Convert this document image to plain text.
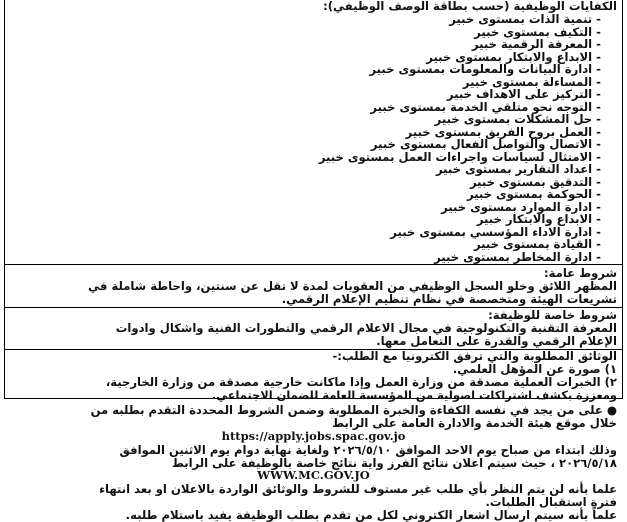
الكفايات الوظيفية (حسب بطاقة الوصف الوظيفي):
- تنمية الذات بمستوى خبير
- التكيف بمستوى خبير
- المعرفة الرقمية خبير
- الابداع والابتكار بمستوى خبير
- ادارة البيانات والمعلومات بمستوى خبير
- المساءلة بمستوى خبير
- التركيز على الاهداف خبير
- التوجه نحو متلقي الخدمة بمستوى خبير
- حل المشكلات بمستوى خبير
- العمل بروح الفريق بمستوى خبير
- الاتصال والتواصل الفعال بمستوى خبير
- الامتثال لسياسات واجراءات العمل بمستوى خبير
- اعداد التقارير بمستوى خبير
- التدقيق بمستوى خبير
- الحوكمة بمستوى خبير
- ادارة الموارد بمستوى خبير
- الابداع والابتكار خبير
- ادارة الاداء المؤسسي بمستوى خبير
- القيادة بمستوى خبير
- ادارة المخاطر بمستوى خبير
شروط عامة:
المظهر اللائق وخلو السجل الوظيفي من العقوبات لمدة لا تقل عن سنتين، واحاطة شاملة في
تشريعات الهيئة ومتخصصة في نظام تنظيم الإعلام الرقمي.
شروط خاصة للوظيفة:
المعرفة التقنية والتكنولوجية في مجال الاعلام الرقمي والتطورات الفنية واشكال وادوات
الإعلام الرقمي والقدرة على التعامل معها.
الوثائق المطلوبة والتي ترفق الكترونيا مع الطلب:-
١) صورة عن المؤهل العلمي.
٢) الخبرات العملية مصدقة من وزارة العمل وإذا ماكانت خارجية مصدقة من وزارة الخارجية،
ومعززة بكشف اشتراكات اصولية من المؤسسة العامة للضمان الاجتماعي.
● على من يجد في نفسه الكفاءة والخبرة المطلوبة وضمن الشروط المحددة التقدم بطلبه من
خلال موقع هيئة الخدمة والادارة العامة على الرابط
https://apply.jobs.spac.gov.jo
وذلك ابتداء من صباح يوم الاحد الموافق ٢٠٢٦/٥/١٠ ولغاية نهاية دوام يوم الاثنين الموافق
٢٠٢٦/٥/١٨ ، حيث سيتم اعلان نتائج الفرز واية نتائج خاصة بالوظيفة على الرابط
WWW.MC.GOV.JO
علما بأنه لن يتم النظر بأي طلب غير مستوف للشروط والوثائق الواردة بالاعلان او بعد انتهاء
فترة استقبال الطلبات.
علماً بأنه سيتم ارسال اشعار الكتروني لكل من تقدم بطلب الوظيفة يفيد باستلام طلبه.
